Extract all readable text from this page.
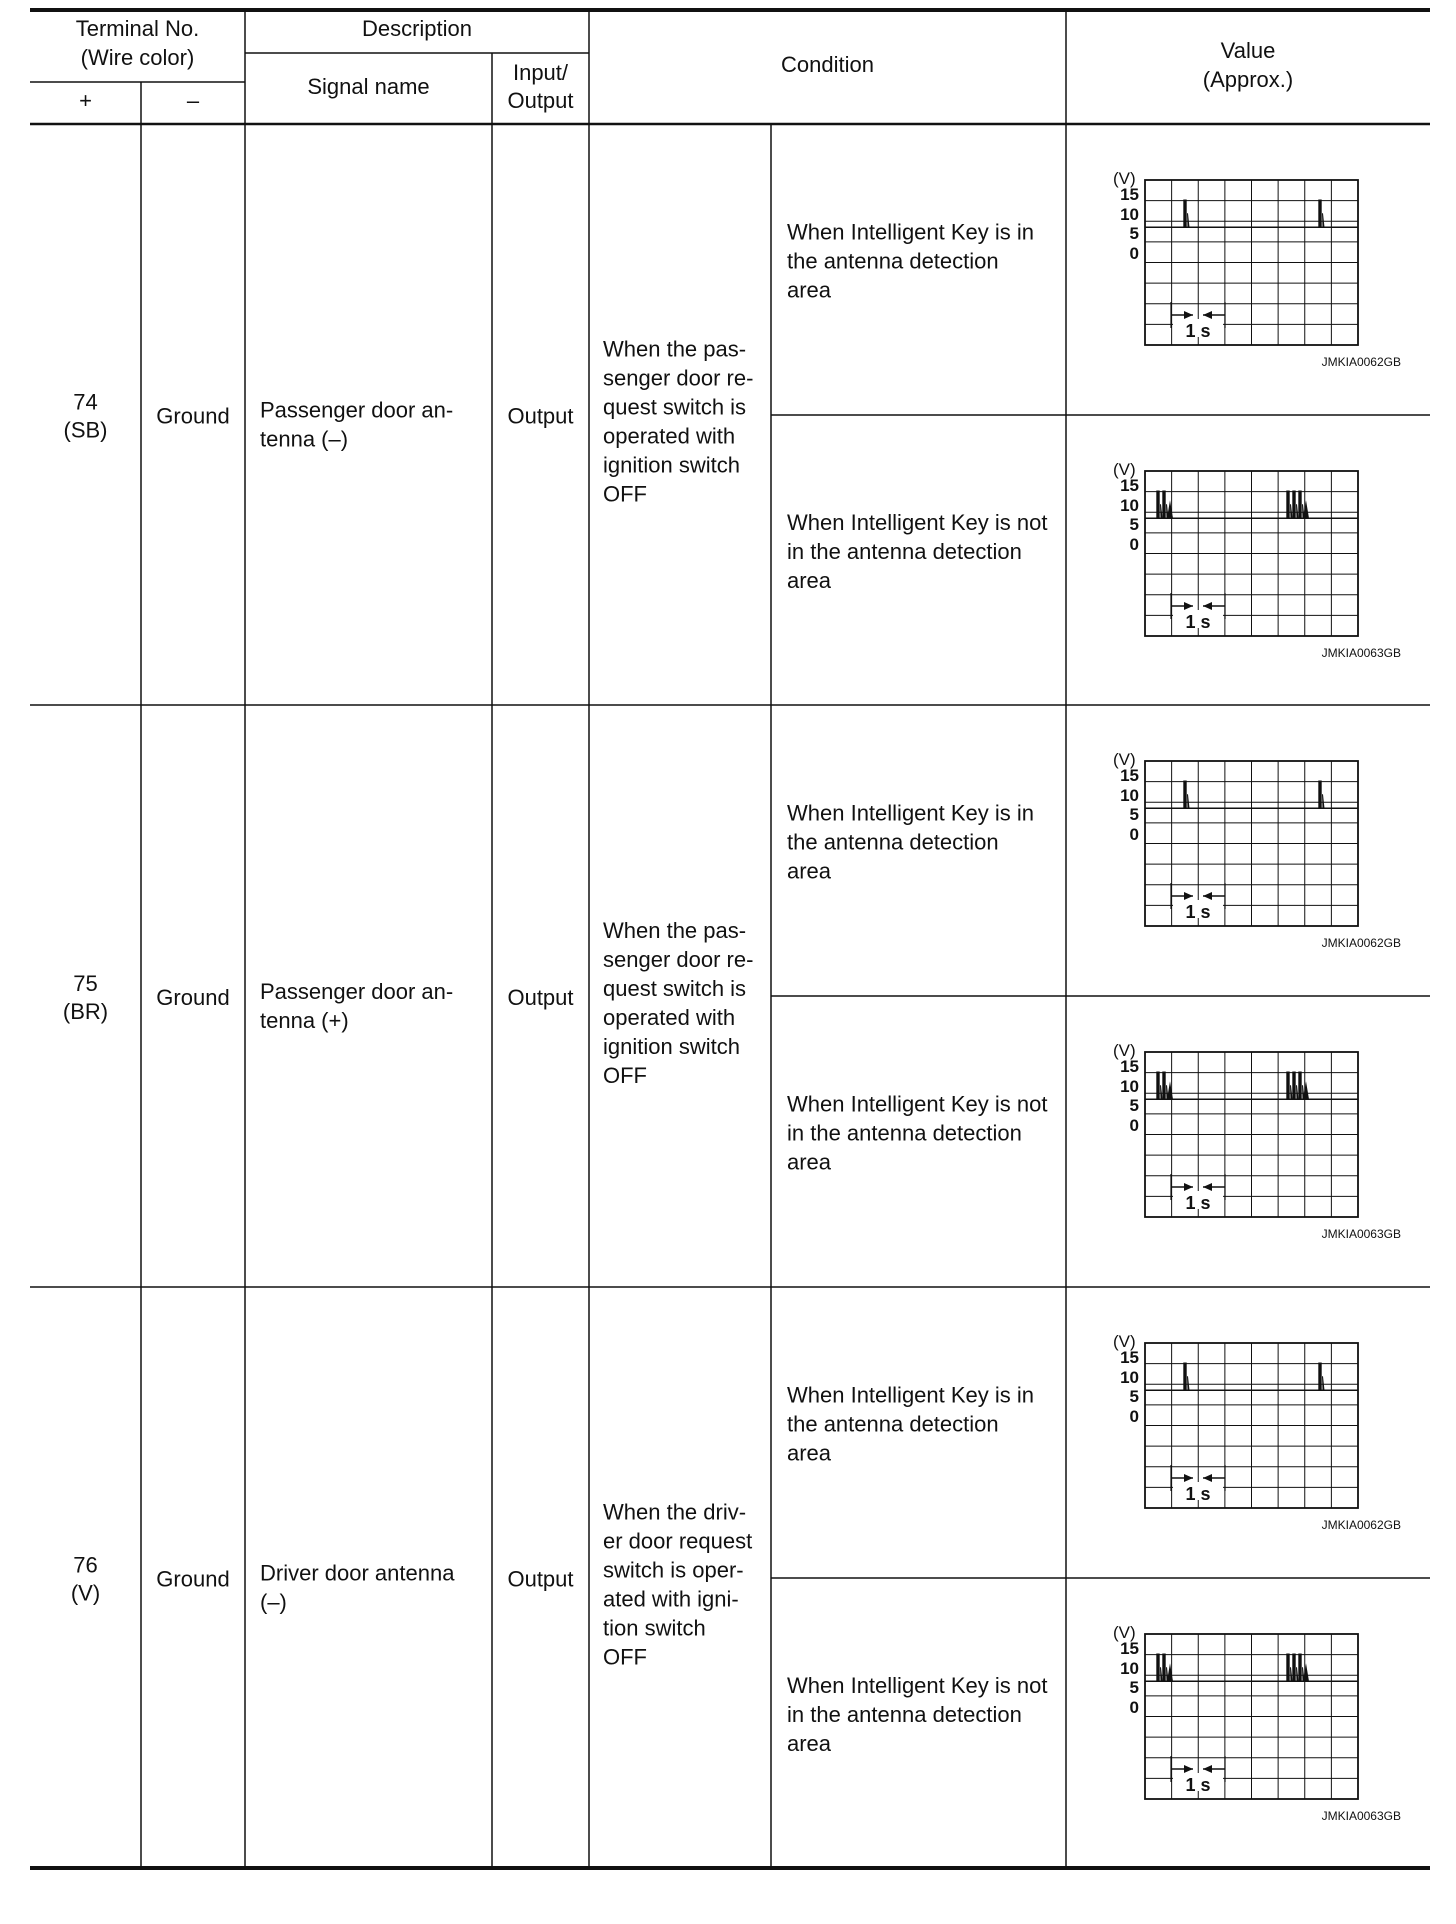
Terminal No.
(Wire color)
+	–
Description
Signal name
Input/
Output
Condition
Value
(Approx.)
74
(SB)
Ground Passenger door an-
tenna (–)
Output
When the pas-
senger door re-
quest switch is
operated with
ignition switch
OFF
When Intelligent Key is in
the antenna detection
area
(V)
15
10
5
0
1 s
JMKIA0062GB
When Intelligent Key is not
in the antenna detection
area
(V)
15
10
5
0
1 s
JMKIA0063GB
75
(BR)
Ground Passenger door an-
tenna (+)
Output
When the pas-
senger door re-
quest switch is
operated with
ignition switch
OFF
When Intelligent Key is in
the antenna detection
area
(V)
15
10
5
0
1 s
JMKIA0062GB
When Intelligent Key is not
in the antenna detection
area
(V)
15
10
5
0
1 s
JMKIA0063GB
76
(V)
Ground Driver door antenna
(–)
Output
When the driv-
er door request
switch is oper-
ated with igni-
tion switch
OFF
When Intelligent Key is in
the antenna detection
area
(V)
15
10
5
0
1 s
JMKIA0062GB
When Intelligent Key is not
in the antenna detection
area
(V)
15
10
5
0
1 s
JMKIA0063GB
